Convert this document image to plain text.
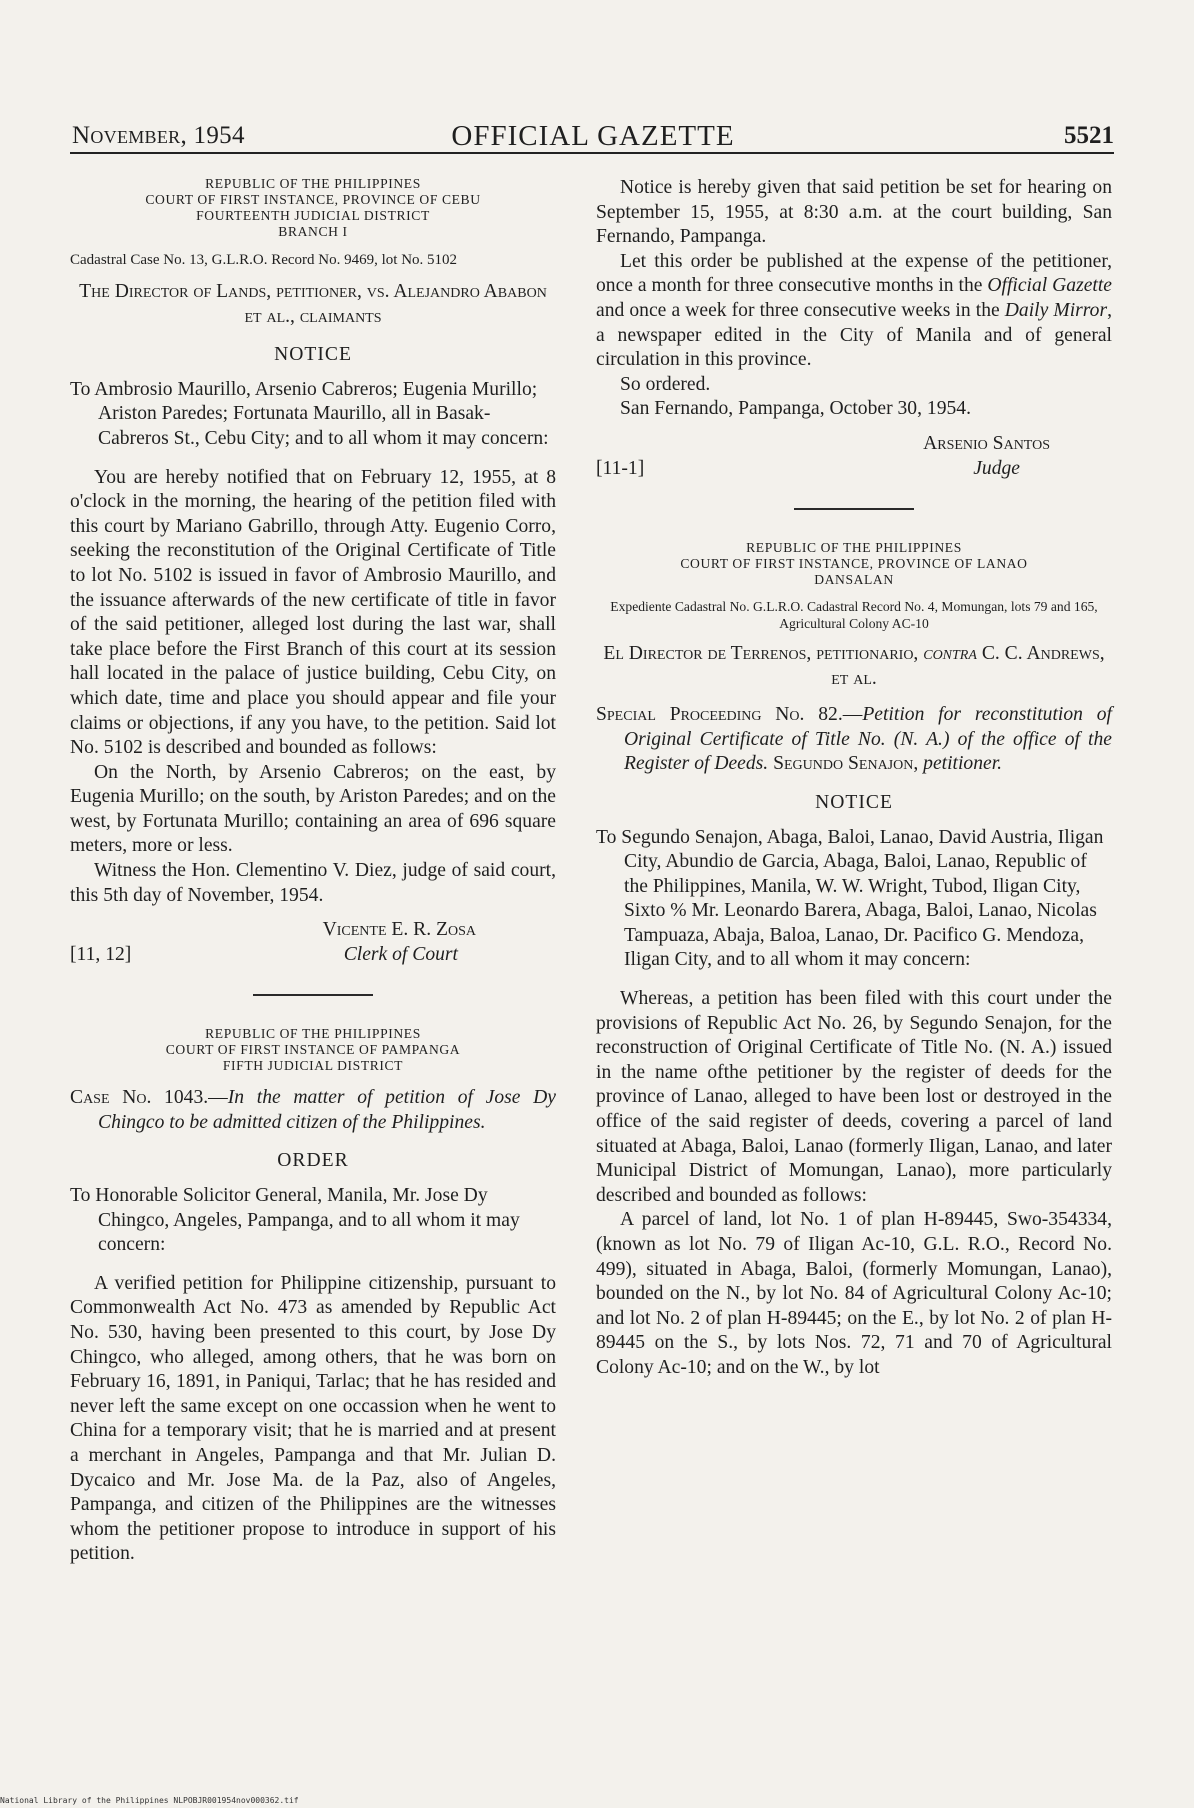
November, 1954	OFFICIAL GAZETTE	5521

REPUBLIC OF THE PHILIPPINES

COURT OF FIRST INSTANCE, PROVINCE OF CEBU

FOURTEENTH JUDICIAL DISTRICT

BRANCH I

Cadastral Case No. 13, G.L.R.O. Record No. 9469, lot No. 5102

The Director of Lands, petitioner, vs. Alejandro Ababon et al., claimants

NOTICE

To Ambrosio Maurillo, Arsenio Cabreros; Eugenia Murillo; Ariston Paredes; Fortunata Maurillo, all in Basak-Cabreros St., Cebu City; and to all whom it may concern:

You are hereby notified that on February 12, 1955, at 8 o'clock in the morning, the hearing of the petition filed with this court by Mariano Gabrillo, through Atty. Eugenio Corro, seeking the reconstitution of the Original Certificate of Title to lot No. 5102 is issued in favor of Ambrosio Maurillo, and the issuance afterwards of the new certificate of title in favor of the said petitioner, alleged lost during the last war, shall take place before the First Branch of this court at its session hall located in the palace of justice building, Cebu City, on which date, time and place you should appear and file your claims or objections, if any you have, to the petition. Said lot No. 5102 is described and bounded as follows:

On the North, by Arsenio Cabreros; on the east, by Eugenia Murillo; on the south, by Ariston Paredes; and on the west, by Fortunata Murillo; containing an area of 696 square meters, more or less.

Witness the Hon. Clementino V. Diez, judge of said court, this 5th day of November, 1954.

Vicente E. R. Zosa
[11, 12]	Clerk of Court

REPUBLIC OF THE PHILIPPINES

COURT OF FIRST INSTANCE OF PAMPANGA

FIFTH JUDICIAL DISTRICT

Case No. 1043.—In the matter of petition of Jose Dy Chingco to be admitted citizen of the Philippines.

ORDER

To Honorable Solicitor General, Manila, Mr. Jose Dy Chingco, Angeles, Pampanga, and to all whom it may concern:

A verified petition for Philippine citizenship, pursuant to Commonwealth Act No. 473 as amended by Republic Act No. 530, having been presented to this court, by Jose Dy Chingco, who alleged, among others, that he was born on February 16, 1891, in Paniqui, Tarlac; that he has resided and never left the same except on one occassion when he went to China for a temporary visit; that he is married and at present a merchant in Angeles, Pampanga and that Mr. Julian D. Dycaico and Mr. Jose Ma. de la Paz, also of Angeles, Pampanga, and citizen of the Philippines are the witnesses whom the petitioner propose to introduce in support of his petition.

Notice is hereby given that said petition be set for hearing on September 15, 1955, at 8:30 a.m. at the court building, San Fernando, Pampanga.

Let this order be published at the expense of the petitioner, once a month for three consecutive months in the Official Gazette and once a week for three consecutive weeks in the Daily Mirror, a newspaper edited in the City of Manila and of general circulation in this province.

So ordered.

San Fernando, Pampanga, October 30, 1954.

Arsenio Santos
[11-1]	Judge

REPUBLIC OF THE PHILIPPINES

COURT OF FIRST INSTANCE, PROVINCE OF LANAO

DANSALAN

Expediente Cadastral No. G.L.R.O. Cadastral Record No. 4, Momungan, lots 79 and 165, Agricultural Colony AC-10

El Director de Terrenos, petitionario, contra C. C. Andrews, et al.

Special Proceeding No. 82.—Petition for reconstitution of Original Certificate of Title No. (N. A.) of the office of the Register of Deeds. Segundo Senajon, petitioner.

NOTICE

To Segundo Senajon, Abaga, Baloi, Lanao, David Austria, Iligan City, Abundio de Garcia, Abaga, Baloi, Lanao, Republic of the Philippines, Manila, W. W. Wright, Tubod, Iligan City, Sixto % Mr. Leonardo Barera, Abaga, Baloi, Lanao, Nicolas Tampuaza, Abaja, Baloa, Lanao, Dr. Pacifico G. Mendoza, Iligan City, and to all whom it may concern:

Whereas, a petition has been filed with this court under the provisions of Republic Act No. 26, by Segundo Senajon, for the reconstruction of Original Certificate of Title No. (N. A.) issued in the name ofthe petitioner by the register of deeds for the province of Lanao, alleged to have been lost or destroyed in the office of the said register of deeds, covering a parcel of land situated at Abaga, Baloi, Lanao (formerly Iligan, Lanao, and later Municipal District of Momungan, Lanao), more particularly described and bounded as follows:

A parcel of land, lot No. 1 of plan H-89445, Swo-354334, (known as lot No. 79 of Iligan Ac-10, G.L. R.O., Record No. 499), situated in Abaga, Baloi, (formerly Momungan, Lanao), bounded on the N., by lot No. 84 of Agricultural Colony Ac-10; and lot No. 2 of plan H-89445; on the E., by lot No. 2 of plan H-89445 on the S., by lots Nos. 72, 71 and 70 of Agricultural Colony Ac-10; and on the W., by lot

National Library of the Philippines NLPOBJR001954nov000362.tif
